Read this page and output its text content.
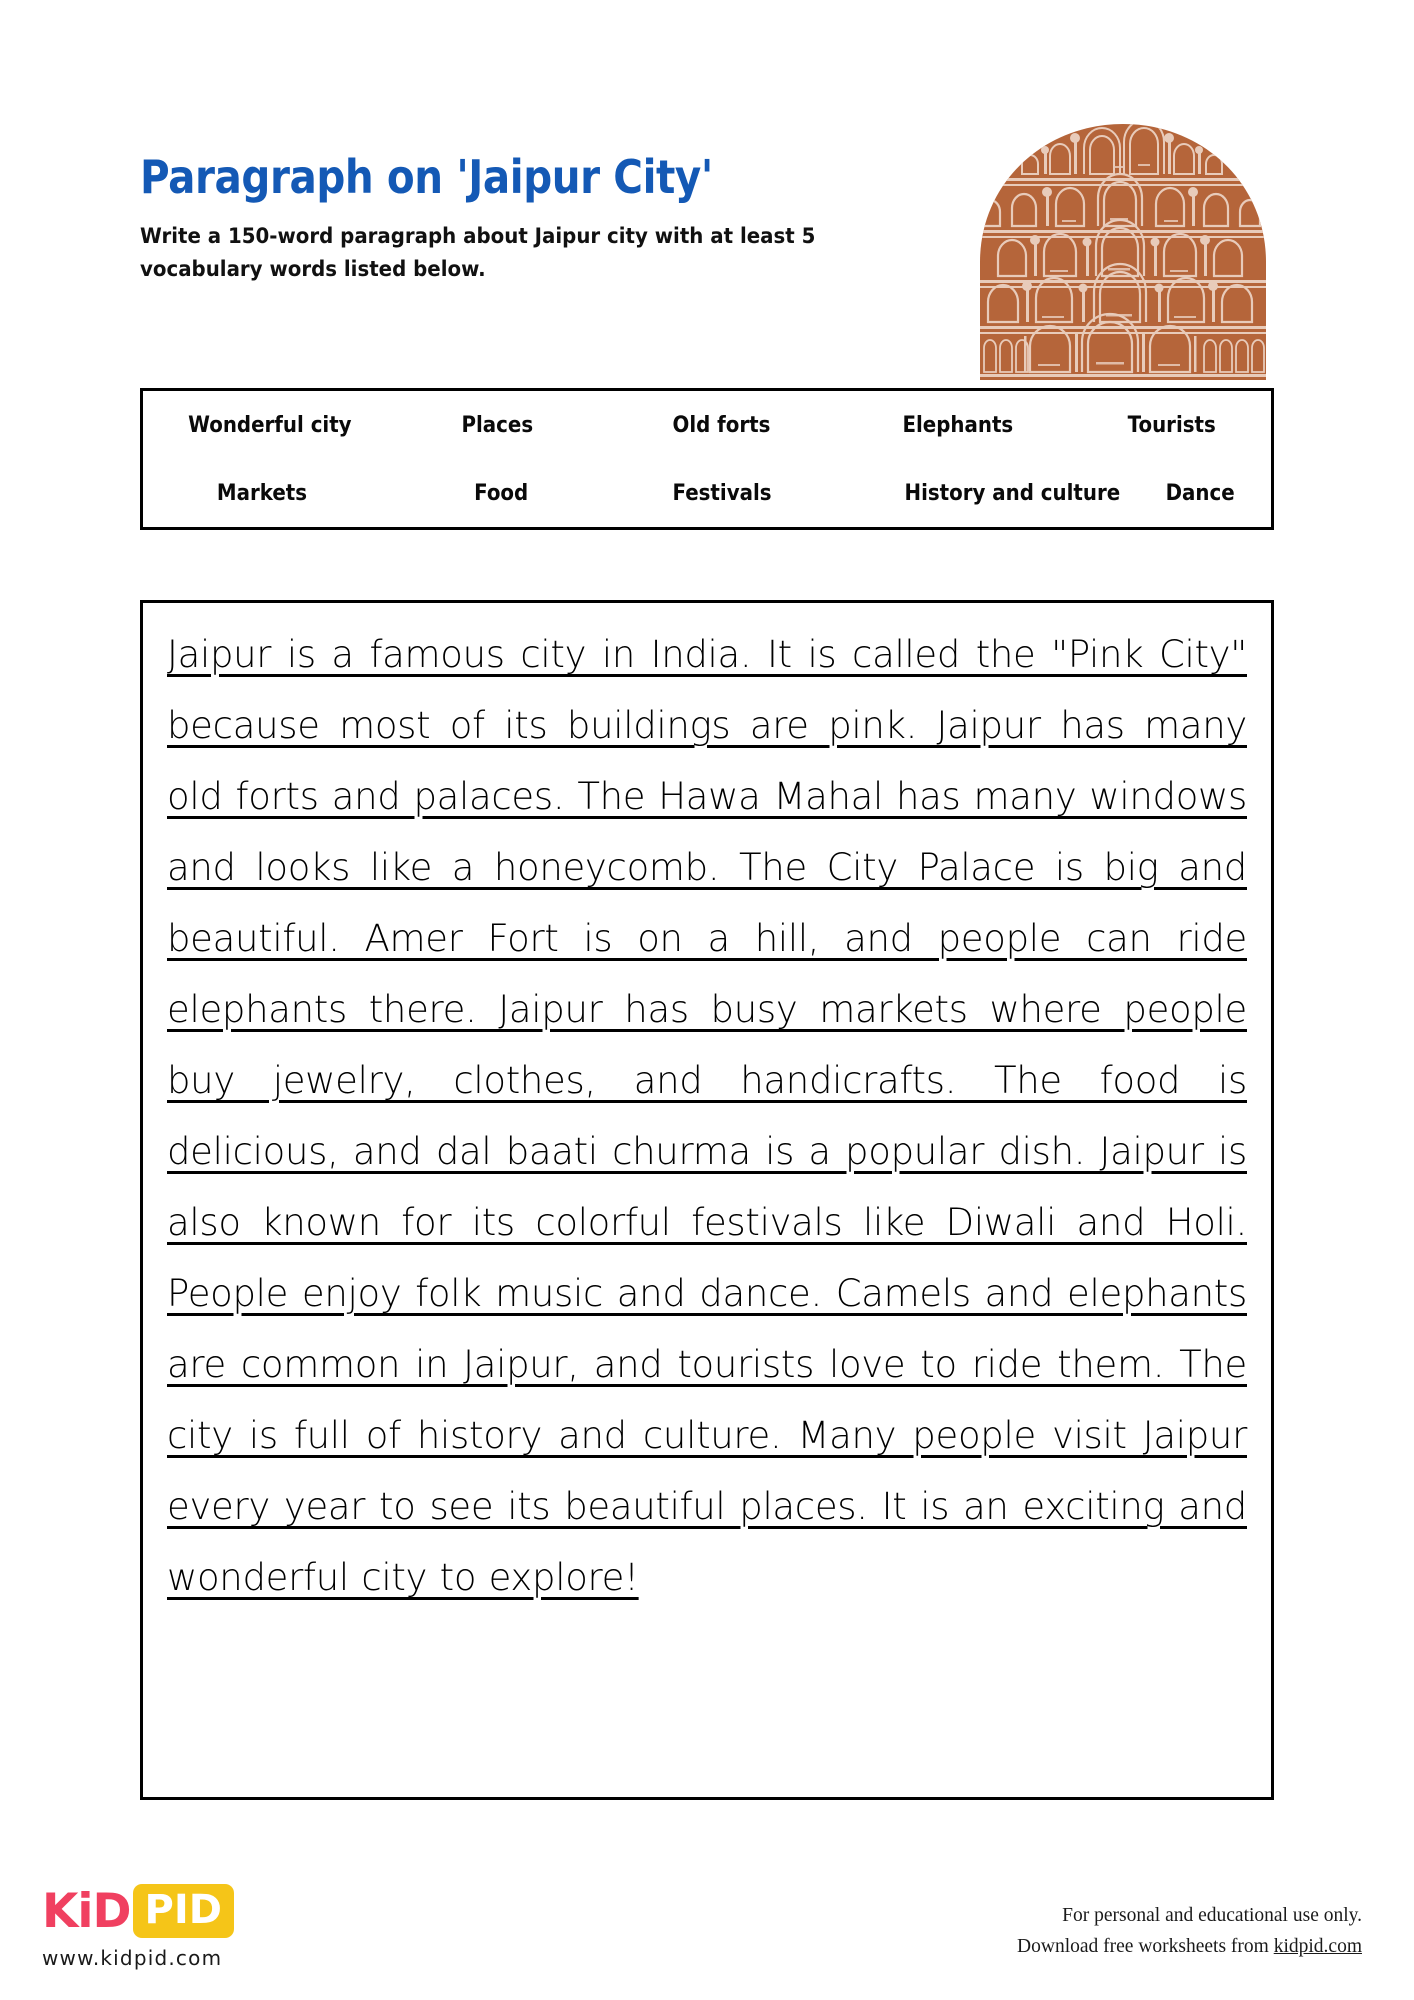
Paragraph on 'Jaipur City'
Write a 150-word paragraph about Jaipur city with at least 5 vocabulary words listed below.
Wonderful city	Places	Old forts	Elephants	Tourists
Markets	Food	Festivals	History and culture	Dance
Jaipur is a famous city in India. It is called the "Pink City" because most of its buildings are pink. Jaipur has many old forts and palaces. The Hawa Mahal has many windows and looks like a honeycomb. The City Palace is big and beautiful. Amer Fort is on a hill, and people can ride elephants there. Jaipur has busy markets where people buy jewelry, clothes, and handicrafts. The food is delicious, and dal baati churma is a popular dish. Jaipur is also known for its colorful festivals like Diwali and Holi. People enjoy folk music and dance. Camels and elephants are common in Jaipur, and tourists love to ride them. The city is full of history and culture. Many people visit Jaipur every year to see its beautiful places. It is an exciting and wonderful city to explore!
KiD PID
www.kidpid.com
For personal and educational use only.
Download free worksheets from kidpid.com
